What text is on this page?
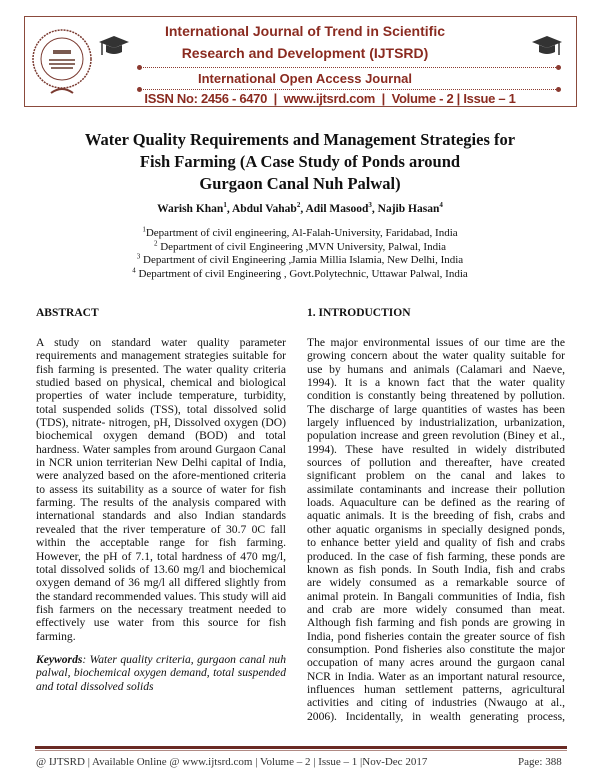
International Journal of Trend in Scientific
Research and Development (IJTSRD)
International Open Access Journal
ISSN No: 2456 - 6470  |  www.ijtsrd.com  |  Volume - 2 | Issue – 1
Water Quality Requirements and Management Strategies for
Fish Farming (A Case Study of Ponds around
Gurgaon Canal Nuh Palwal)
Warish Khan$^1$, Abdul Vahab$^2$, Adil Masood$^3$, Najib Hasan$^4$
$^1$Department of civil engineering, Al-Falah-University, Faridabad, India
$^2$ Department of civil Engineering ,MVN University, Palwal, India
$^3$ Department of civil Engineering ,Jamia Millia Islamia, New Delhi, India
$^4$ Department of civil Engineering , Govt.Polytechnic, Uttawar Palwal, India
ABSTRACT
A study on standard water quality parameter
requirements and management strategies suitable for
fish farming is presented. The water quality criteria
studied based on physical, chemical and biological
properties of water include temperature, turbidity,
total suspended solids (TSS), total dissolved solid
(TDS), nitrate- nitrogen, pH, Dissolved oxygen (DO)
biochemical oxygen demand (BOD) and total
hardness. Water samples from around Gurgaon Canal
in NCR union territerian New Delhi capital of India,
were analyzed based on the afore-mentioned criteria
to assess its suitability as a source of water for fish
farming. The results of the analysis compared with
international standards and also Indian standards
revealed that the river temperature of 30.7 0C fall
within the acceptable range for fish farming.
However, the pH of 7.1, total hardness of 470 mg/l,
total dissolved solids of 13.60 mg/l and biochemical
oxygen demand of 36 mg/l all differed slightly from
the standard recommended values. This study will aid
fish farmers on the necessary treatment needed to
effectively use water from this source for fish
farming.
Keywords: Water quality criteria, gurgaon canal nuh
palwal, biochemical oxygen demand, total suspended
and total dissolved solids
1. INTRODUCTION
The major environmental issues of our time are the
growing concern about the water quality suitable for
use by humans and animals (Calamari and Naeve,
1994). It is a known fact that the water quality
condition is constantly being threatened by pollution.
The discharge of large quantities of wastes has been
largely influenced by industrialization, urbanization,
population increase and green revolution (Biney et al.,
1994). These have resulted in widely distributed
sources of pollution and thereafter, have created
significant problem on the canal and lakes to
assimilate contaminants and increase their pollution
loads. Aquaculture can be defined as the rearing of
aquatic animals. It is the breeding of fish, crabs and
other aquatic organisms in specially designed ponds,
to enhance better yield and quality of fish and crabs
produced. In the case of fish farming, these ponds are
known as fish ponds. In South India, fish and crabs
are widely consumed as a remarkable source of
animal protein. In Bangali communities of India, fish
and crab are more widely consumed than meat.
Although fish farming and fish ponds are growing in
India, pond fisheries contain the greater source of fish
consumption. Pond fisheries also constitute the major
occupation of many acres around the gurgaon canal
NCR in India. Water as an important natural resource,
influences human settlement patterns, agricultural
activities and citing of industries (Nwaugo at al.,
2006). Incidentally, in wealth generating process,
@ IJTSRD | Available Online @ www.ijtsrd.com | Volume – 2 | Issue – 1 |Nov-Dec 2017	Page: 388
